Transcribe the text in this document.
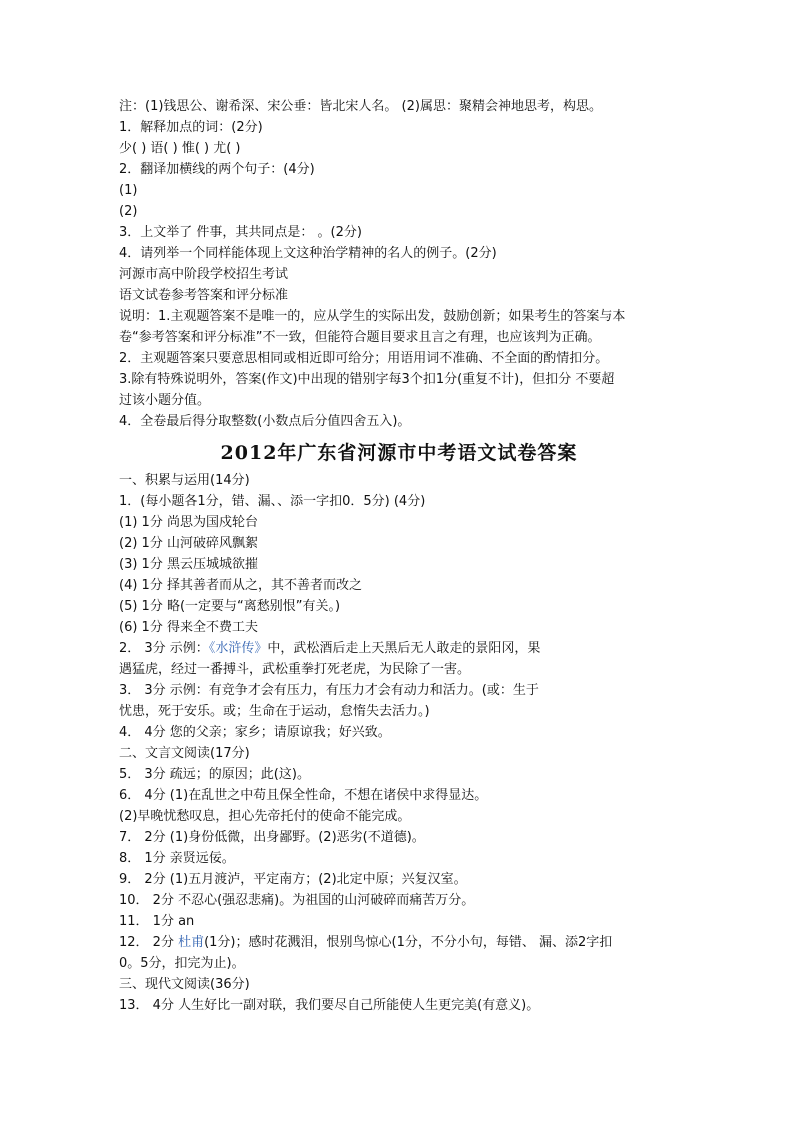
注：(1)钱思公、谢希深、宋公垂：皆北宋人名。 (2)属思：聚精会神地思考，构思。
1．解释加点的词：(2分)
少( ) 语( ) 惟( ) 尤( )
2．翻译加横线的两个句子：(4分)
(1)
(2)
3．上文举了 件事，其共同点是： 。(2分)
4．请列举一个同样能体现上文这种治学精神的名人的例子。(2分)
河源市高中阶段学校招生考试
语文试卷参考答案和评分标准
说明：1.主观题答案不是唯一的，应从学生的实际出发，鼓励创新；如果考生的答案与本
卷“参考答案和评分标准”不一致，但能符合题目要求且言之有理，也应该判为正确。
2．主观题答案只要意思相同或相近即可给分；用语用词不准确、不全面的酌情扣分。
3.除有特殊说明外，答案(作文)中出现的错别字每3个扣1分(重复不计)，但扣分 不要超
过该小题分值。
4．全卷最后得分取整数(小数点后分值四舍五入)。
2012年广东省河源市中考语文试卷答案
一、积累与运用(14分)
1．(每小题各1分，错、漏、、添一字扣0．5分) (4分)
(1) 1分 尚思为国戍轮台
(2) 1分 山河破碎风飘絮
(3) 1分 黑云压城城欲摧
(4) 1分 择其善者而从之，其不善者而改之
(5) 1分 略(一定要与“离愁别恨”有关。)
(6) 1分 得来全不费工夫
2． 3分 示例：《水浒传》中，武松酒后走上天黑后无人敢走的景阳冈，果
遇猛虎，经过一番搏斗，武松重拳打死老虎，为民除了一害。
3． 3分 示例：有竞争才会有压力，有压力才会有动力和活力。(或：生于
忧患，死于安乐。或；生命在于运动，怠惰失去活力。)
4． 4分 您的父亲；家乡；请原谅我；好兴致。
二、文言文阅读(17分)
5． 3分 疏远；的原因；此(这)。
6． 4分 (1)在乱世之中苟且保全性命，不想在诸侯中求得显达。
(2)早晚忧愁叹息，担心先帝托付的使命不能完成。
7． 2分 (1)身份低微，出身鄙野。(2)恶劣(不道德)。
8． 1分 亲贤远佞。
9． 2分 (1)五月渡泸，平定南方；(2)北定中原；兴复汉室。
10． 2分 不忍心(强忍悲痛)。为祖国的山河破碎而痛苦万分。
11． 1分 an
12． 2分 杜甫(1分)；感时花溅泪，恨别鸟惊心(1分，不分小句，每错、 漏、添2字扣
0。5分，扣完为止)。
三、现代文阅读(36分)
13． 4分 人生好比一副对联，我们要尽自己所能使人生更完美(有意义)。
